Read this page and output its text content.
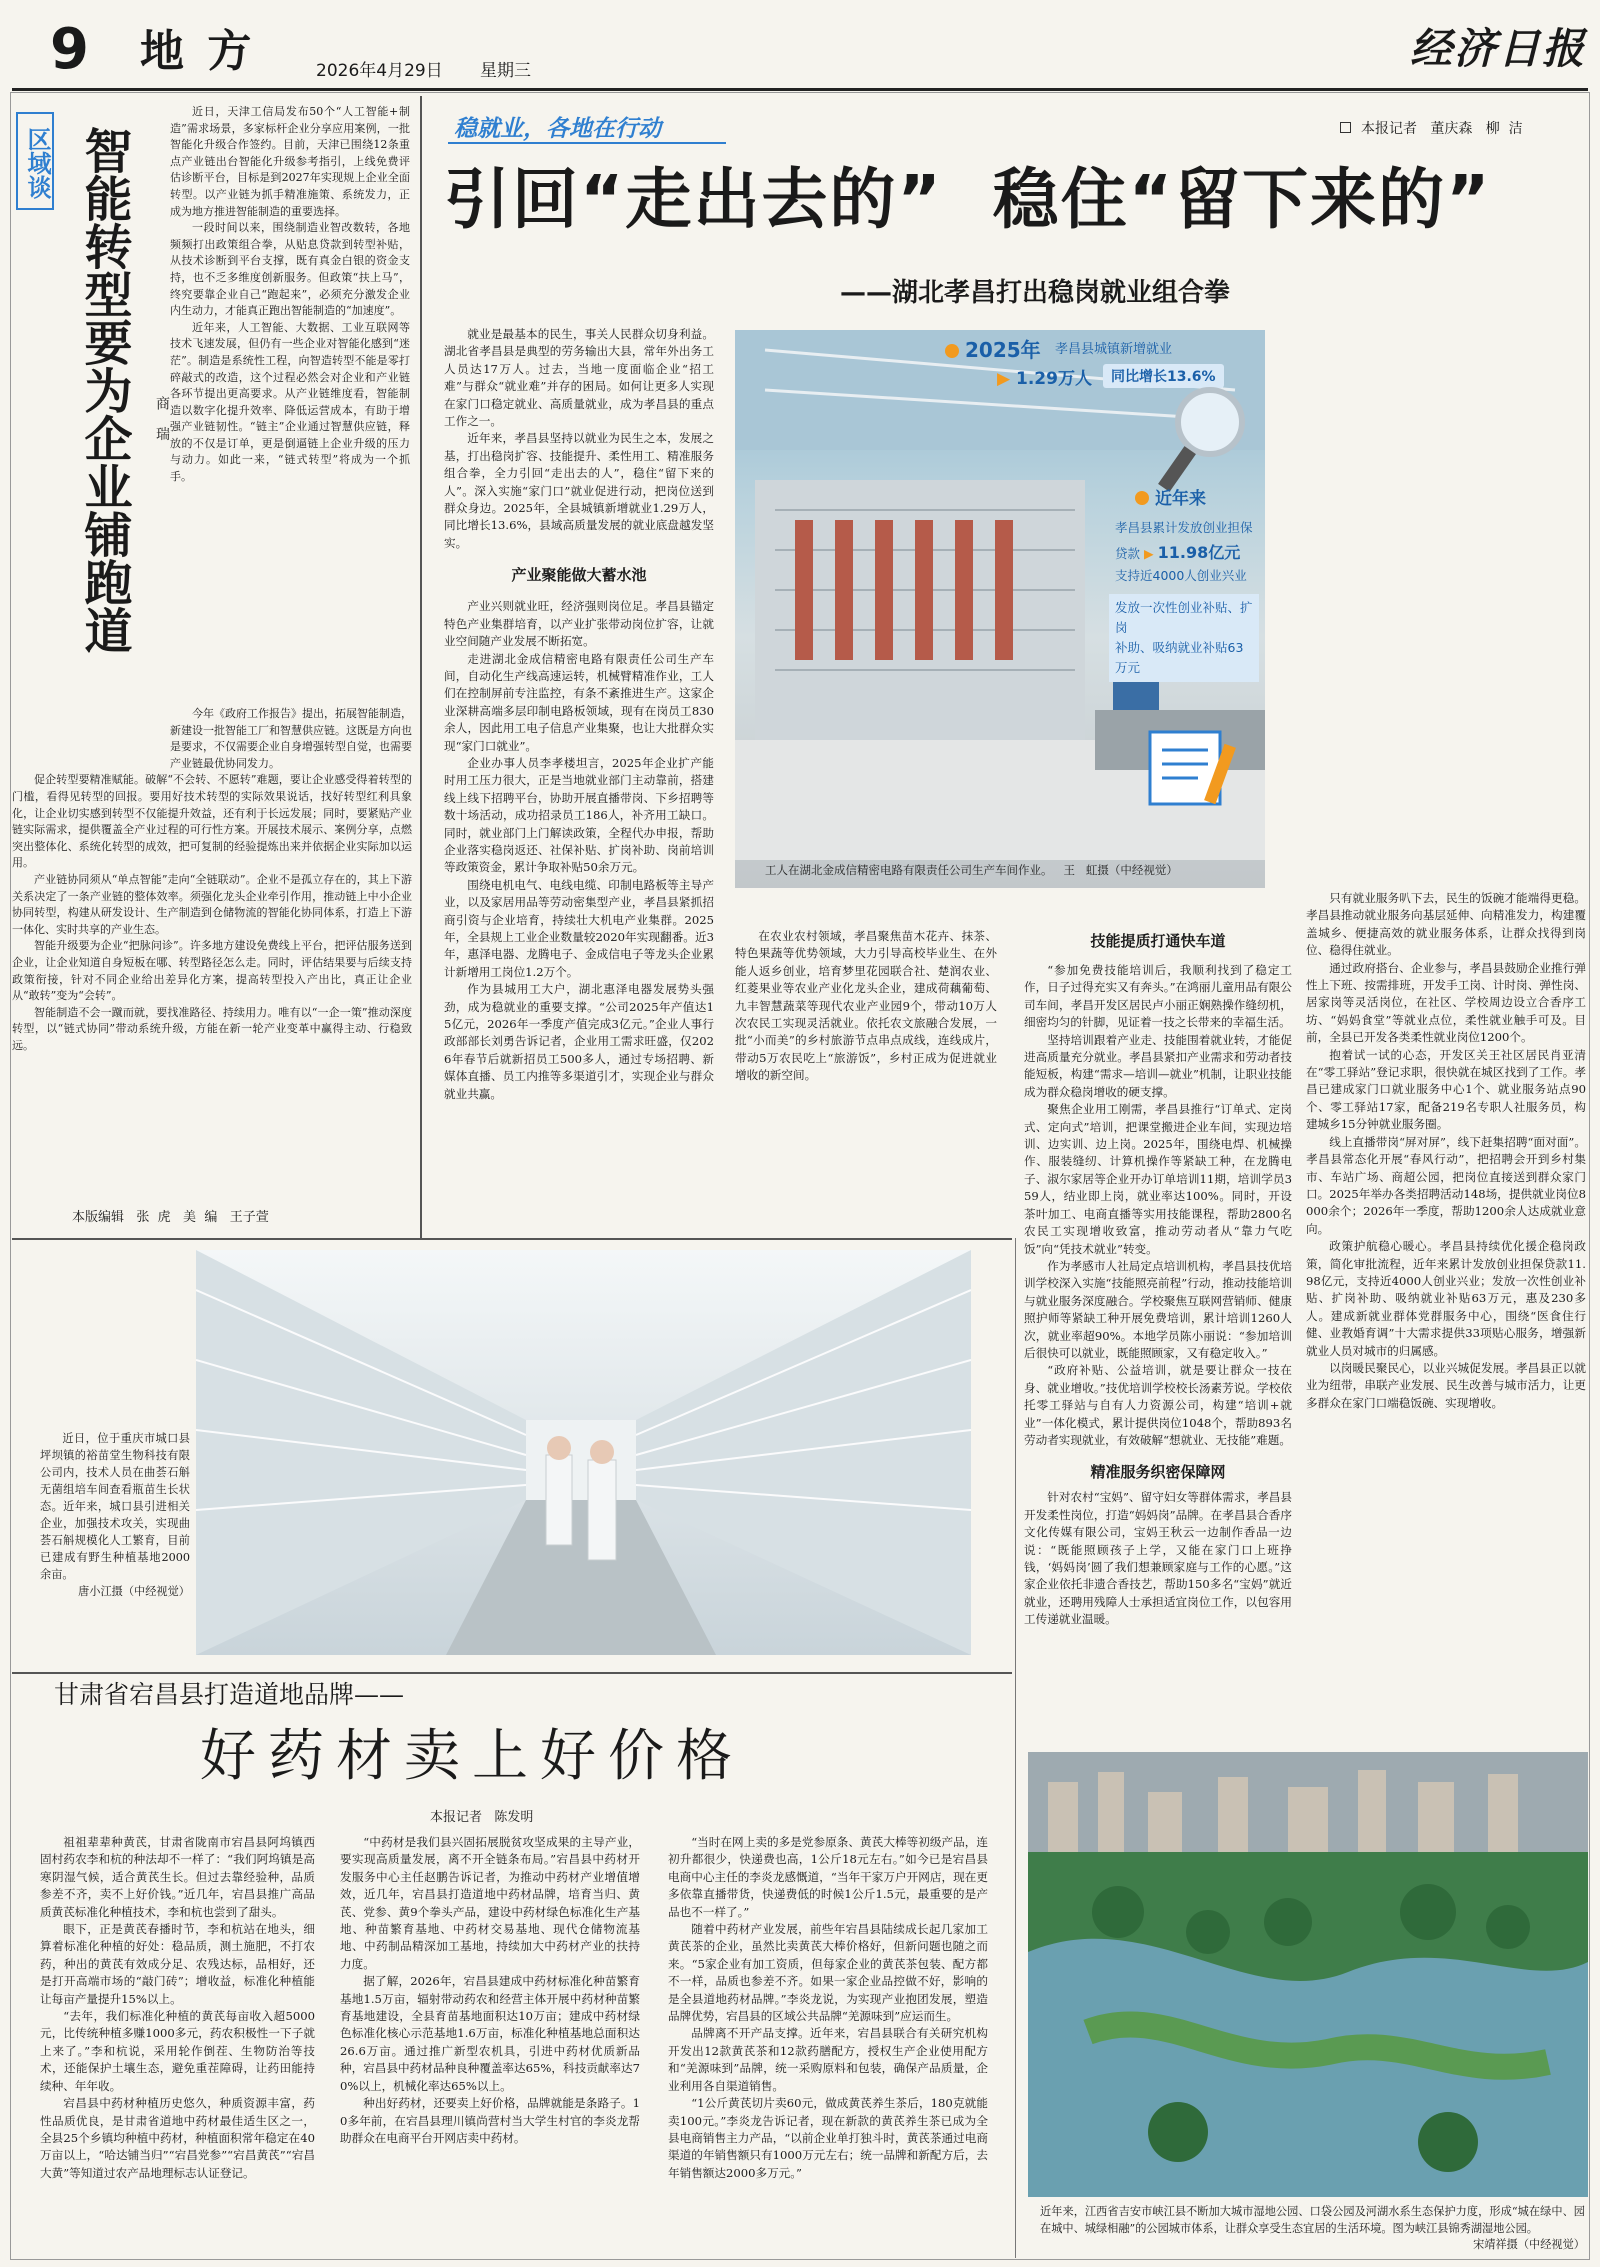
9 地 方	2026年4月29日 星期三	经济日报
区域谈 智能转型要为企业铺跑道 商 瑞

近日，天津工信局发布50个“人工智能+制造”需求场景，多家标杆企业分享应用案例，一批智能化升级合作签约。目前，天津已围绕12条重点产业链出台智能化升级参考指引，上线免费评估诊断平台，目标是到2027年实现规上企业全面转型。以产业链为抓手精准施策、系统发力，正成为地方推进智能制造的重要选择。

一段时间以来，围绕制造业智改数转，各地频频打出政策组合拳，从贴息贷款到转型补贴，从技术诊断到平台支撑，既有真金白银的资金支持，也不乏多维度创新服务。但政策“扶上马”，终究要靠企业自己“跑起来”，必须充分激发企业内生动力，才能真正跑出智能制造的“加速度”。

近年来，人工智能、大数据、工业互联网等技术飞速发展，但仍有一些企业对智能化感到“迷茫”。制造是系统性工程，向智造转型不能是零打碎敲式的改造，这个过程必然会对企业和产业链各环节提出更高要求。从产业链维度看，智能制造以数字化提升效率、降低运营成本，有助于增强产业链韧性。“链主”企业通过智慧供应链，释放的不仅是订单，更是倒逼链上企业升级的压力与动力。如此一来，“链式转型”将成为一个抓手。

今年《政府工作报告》提出，拓展智能制造，新建设一批智能工厂和智慧供应链。这既是方向也是要求，不仅需要企业自身增强转型自觉，也需要产业链最优协同发力。

促企转型要精准赋能。破解“不会转、不愿转”难题，要让企业感受得着转型的门槛，看得见转型的回报。要用好技术转型的实际效果说话，找好转型红利具象化，让企业切实感到转型不仅能提升效益，还有利于长远发展；同时，要紧贴产业链实际需求，提供覆盖全产业过程的可行性方案。开展技术展示、案例分享，点燃突出整体化、系统化转型的成效，把可复制的经验提炼出来并依据企业实际加以运用。

产业链协同须从“单点智能”走向“全链联动”。企业不是孤立存在的，其上下游关系决定了一条产业链的整体效率。须强化龙头企业牵引作用，推动链上中小企业协同转型，构建从研发设计、生产制造到仓储物流的智能化协同体系，打造上下游一体化、实时共享的产业生态。

智能升级要为企业“把脉问诊”。许多地方建设免费线上平台，把评估服务送到企业，让企业知道自身短板在哪、转型路径怎么走。同时，评估结果要与后续支持政策衔接，针对不同企业给出差异化方案，提高转型投入产出比，真正让企业从“敢转”变为“会转”。

智能制造不会一蹴而就，要找准路径、持续用力。唯有以“一企一策”推动深度转型，以“链式协同”带动系统升级，方能在新一轮产业变革中赢得主动、行稳致远。

本版编辑   张  虎   美  编   王子萱
稳就业，各地在行动	本报记者   董庆森   柳  洁
引回“走出去的”  稳住“留下来的”
——湖北孝昌打出稳岗就业组合拳

就业是最基本的民生，事关人民群众切身利益。湖北省孝昌县是典型的劳务输出大县，常年外出务工人员达17万人。过去，当地一度面临企业“招工难”与群众“就业难”并存的困局。如何让更多人实现在家门口稳定就业、高质量就业，成为孝昌县的重点工作之一。

近年来，孝昌县坚持以就业为民生之本，发展之基，打出稳岗扩容、技能提升、柔性用工、精准服务组合拳，全力引回“走出去的人”，稳住“留下来的人”。深入实施“家门口”就业促进行动，把岗位送到群众身边。2025年，全县城镇新增就业1.29万人，同比增长13.6%，县域高质量发展的就业底盘越发坚实。

产业聚能做大蓄水池

产业兴则就业旺，经济强则岗位足。孝昌县锚定特色产业集群培育，以产业扩张带动岗位扩容，让就业空间随产业发展不断拓宽。

走进湖北金成信精密电路有限责任公司生产车间，自动化生产线高速运转，机械臂精准作业，工人们在控制屏前专注监控，有条不紊推进生产。这家企业深耕高端多层印制电路板领域，现有在岗员工830余人，因此用工电子信息产业集聚，也让大批群众实现“家门口就业”。

企业办事人员李孝楼坦言，2025年企业扩产能时用工压力很大，正是当地就业部门主动靠前，搭建线上线下招聘平台，协助开展直播带岗、下乡招聘等数十场活动，成功招录员工186人，补齐用工缺口。同时，就业部门上门解读政策，全程代办申报，帮助企业落实稳岗返还、社保补贴、扩岗补助、岗前培训等政策资金，累计争取补贴50余万元。

围绕电机电气、电线电缆、印制电路板等主导产业，以及家居用品等劳动密集型产业，孝昌县紧抓招商引资与企业培育，持续壮大机电产业集群。2025年，全县规上工业企业数量较2020年实现翻番。近3年，惠泽电器、龙腾电子、金成信电子等龙头企业累计新增用工岗位1.2万个。

作为县城用工大户，湖北惠泽电器发展势头强劲，成为稳就业的重要支撑。“公司2025年产值达15亿元，2026年一季度产值完成3亿元。”企业人事行政部部长刘勇告诉记者，企业用工需求旺盛，仅2026年春节后就新招员工500多人，通过专场招聘、新媒体直播、员工内推等多渠道引才，实现企业与群众就业共赢。

2025年 孝昌县城镇新增就业
▶ 1.29万人	同比增长13.6%
近年来
孝昌县累计发放创业担保
贷款 ▶ 11.98亿元
支持近4000人创业兴业
发放一次性创业补贴、扩岗
补助、吸纳就业补贴63万元
工人在湖北金成信精密电路有限责任公司生产车间作业。   王   虹摄（中经视觉）

在农业农村领域，孝昌聚焦苗木花卉、抹茶、特色果蔬等优势领域，大力引导高校毕业生、在外能人返乡创业，培育梦里花园联合社、楚润农业、红菱果业等农业产业化龙头企业，建成荷藕葡萄、九丰智慧蔬菜等现代农业产业园9个，带动10万人次农民工实现灵活就业。依托农文旅融合发展，一批“小而美”的乡村旅游节点串点成线，连线成片，带动5万农民吃上“旅游饭”，乡村正成为促进就业增收的新空间。

技能提质打通快车道

“参加免费技能培训后，我顺利找到了稳定工作，日子过得充实又有奔头。”在鸿丽儿童用品有限公司车间，孝昌开发区居民卢小丽正娴熟操作缝纫机，细密均匀的针脚，见证着一技之长带来的幸福生活。

坚持培训跟着产业走、技能围着就业转，才能促进高质量充分就业。孝昌县紧扣产业需求和劳动者技能短板，构建“需求—培训—就业”机制，让职业技能成为群众稳岗增收的硬支撑。

聚焦企业用工刚需，孝昌县推行“订单式、定岗式、定向式”培训，把课堂搬进企业车间，实现边培训、边实训、边上岗。2025年，围绕电焊、机械操作、服装缝纫、计算机操作等紧缺工种，在龙腾电子、淑尔家居等企业开办订单培训11期，培训学员359人，结业即上岗，就业率达100%。同时，开设茶叶加工、电商直播等实用技能课程，帮助2800名农民工实现增收致富，推动劳动者从“靠力气吃饭”向“凭技术就业”转变。

作为孝感市人社局定点培训机构，孝昌县技优培训学校深入实施“技能照亮前程”行动，推动技能培训与就业服务深度融合。学校聚焦互联网营销师、健康照护师等紧缺工种开展免费培训，累计培训1260人次，就业率超90%。本地学员陈小丽说：“参加培训后很快可以就业，既能照顾家，又有稳定收入。”

“政府补贴、公益培训，就是要让群众一技在身、就业增收。”技优培训学校校长汤素芳说。学校依托零工驿站与自有人力资源公司，构建“培训+就业”一体化模式，累计提供岗位1048个，帮助893名劳动者实现就业，有效破解“想就业、无技能”难题。

精准服务织密保障网

针对农村“宝妈”、留守妇女等群体需求，孝昌县开发柔性岗位，打造“妈妈岗”品牌。在孝昌县合香序文化传媒有限公司，宝妈王秋云一边制作香品一边说：“既能照顾孩子上学，又能在家门口上班挣钱，‘妈妈岗’圆了我们想兼顾家庭与工作的心愿。”这家企业依托非遗合香技艺，帮助150多名“宝妈”就近就业，还聘用残障人士承担适宜岗位工作，以包容用工传递就业温暖。

只有就业服务叭下去，民生的饭碗才能端得更稳。孝昌县推动就业服务向基层延伸、向精准发力，构建覆盖城乡、便捷高效的就业服务体系，让群众找得到岗位、稳得住就业。

通过政府搭台、企业参与，孝昌县鼓励企业推行弹性上下班、按需排班，开发手工岗、计时岗、弹性岗、居家岗等灵活岗位，在社区、学校周边设立合香序工坊、“妈妈食堂”等就业点位，柔性就业触手可及。目前，全县已开发各类柔性就业岗位1200个。

抱着试一试的心态，开发区关王社区居民肖亚清在“零工驿站”登记求职，很快就在城区找到了工作。孝昌已建成家门口就业服务中心1个、就业服务站点90个、零工驿站17家，配备219名专职人社服务员，构建城乡15分钟就业服务圈。

线上直播带岗“屏对屏”，线下赶集招聘“面对面”。孝昌县常态化开展“春风行动”，把招聘会开到乡村集市、车站广场、商超公园，把岗位直接送到群众家门口。2025年举办各类招聘活动148场，提供就业岗位8000余个；2026年一季度，帮助1200余人达成就业意向。

政策护航稳心暖心。孝昌县持续优化援企稳岗政策，简化审批流程，近年来累计发放创业担保贷款11.98亿元，支持近4000人创业兴业；发放一次性创业补贴、扩岗补助、吸纳就业补贴63万元，惠及230多人。建成新就业群体党群服务中心，围绕“医食住行健、业教婚育调”十大需求提供33项贴心服务，增强新就业人员对城市的归属感。

以岗暖民聚民心，以业兴城促发展。孝昌县正以就业为纽带，串联产业发展、民生改善与城市活力，让更多群众在家门口端稳饭碗、实现增收。

近日，位于重庆市城口县坪坝镇的裕苗堂生物科技有限公司内，技术人员在曲荟石斛无菌组培车间查看瓶苗生长状态。近年来，城口县引进相关企业，加强技术攻关，实现曲荟石斛规模化人工繁育，目前已建成有野生种植基地2000余亩。

唐小江摄（中经视觉）
甘肃省宕昌县打造道地品牌——
好药材卖上好价格
本报记者   陈发明

祖祖辈辈种黄芪，甘肃省陇南市宕昌县阿坞镇西固村药农李和杭的种法却不一样了：“我们阿坞镇是高寒阴湿气候，适合黄芪生长。但过去靠经验种，品质参差不齐，卖不上好价钱。”近几年，宕昌县推广高品质黄芪标准化种植技术，李和杭也尝到了甜头。

眼下，正是黄芪春播时节，李和杭站在地头，细算着标准化种植的好处：稳品质，测土施肥，不打农药，种出的黄芪有效成分足、农残达标，品相好，还是打开高端市场的“敲门砖”；增收益，标准化种植能让每亩产量提升15%以上。

“去年，我们标准化种植的黄芪每亩收入超5000元，比传统种植多赚1000多元，药农积极性一下子就上来了。”李和杭说，采用轮作倒茬、生物防治等技术，还能保护土壤生态，避免重茬障碍，让药田能持续种、年年收。

宕昌县中药材种植历史悠久，种质资源丰富，药性品质优良，是甘肃省道地中药材最佳适生区之一，全县25个乡镇均种植中药材，种植面积常年稳定在40万亩以上，“哈达铺当归”“宕昌党参”“宕昌黄芪”“宕昌大黄”等知道过农产品地理标志认证登记。

“中药材是我们县兴固拓展脱贫攻坚成果的主导产业，要实现高质量发展，离不开全链条布局。”宕昌县中药材开发服务中心主任赵鹏告诉记者，为推动中药材产业增值增效，近几年，宕昌县打造道地中药材品牌，培育当归、黄芪、党参、黄9个拳头产品，建设中药材绿色标准化生产基地、种苗繁育基地、中药材交易基地、现代仓储物流基地、中药制品精深加工基地，持续加大中药材产业的扶持力度。

据了解，2026年，宕昌县建成中药材标准化种苗繁育基地1.5万亩，辐射带动药农和经营主体开展中药材种苗繁育基地建设，全县育苗基地面积达10万亩；建成中药材绿色标准化核心示范基地1.6万亩，标准化种植基地总面积达26.6万亩。通过推广新型农机具，引进中药材优质新品种，宕昌县中药材品种良种覆盖率达65%，科技贡献率达70%以上，机械化率达65%以上。

种出好药材，还要卖上好价格，品牌就能是条路子。10多年前，在宕昌县理川镇尚营村当大学生村官的李炎龙帮助群众在电商平台开网店卖中药材。

“当时在网上卖的多是党参原条、黄芪大棒等初级产品，连初升都很少，快递费也高，1公斤18元左右。”如今已是宕昌县电商中心主任的李炎龙感慨道，“当年干家万户开网店，现在更多依靠直播带货，快递费低的时候1公斤1.5元，最重要的是产品也不一样了。”

随着中药材产业发展，前些年宕昌县陆续成长起几家加工黄芪茶的企业，虽然比卖黄芪大棒价格好，但新问题也随之而来。“5家企业有加工资质，但每家企业的黄芪茶包装、配方都不一样，品质也参差不齐。如果一家企业品控做不好，影响的是全县道地药材品牌。”李炎龙说，为实现产业抱团发展，塑造品牌优势，宕昌县的区域公共品牌“羌源味到”应运而生。

品牌离不开产品支撑。近年来，宕昌县联合有关研究机构开发出12款黄芪茶和12款药膳配方，授权生产企业使用配方和“羌源味到”品牌，统一采购原料和包装，确保产品质量，企业利用各自渠道销售。

“1公斤黄芪切片卖60元，做成黄芪养生茶后，180克就能卖100元。”李炎龙告诉记者，现在新款的黄芪养生茶已成为全县电商销售主力产品，“以前企业单打独斗时，黄芪茶通过电商渠道的年销售额只有1000万元左右；统一品牌和新配方后，去年销售额达2000多万元。”

近年来，江西省吉安市峡江县不断加大城市湿地公园、口袋公园及河湖水系生态保护力度，形成“城在绿中、园在城中、城绿相融”的公园城市体系，让群众享受生态宜居的生活环境。图为峡江县锦秀湖湿地公园。
宋靖祥摄（中经视觉）
